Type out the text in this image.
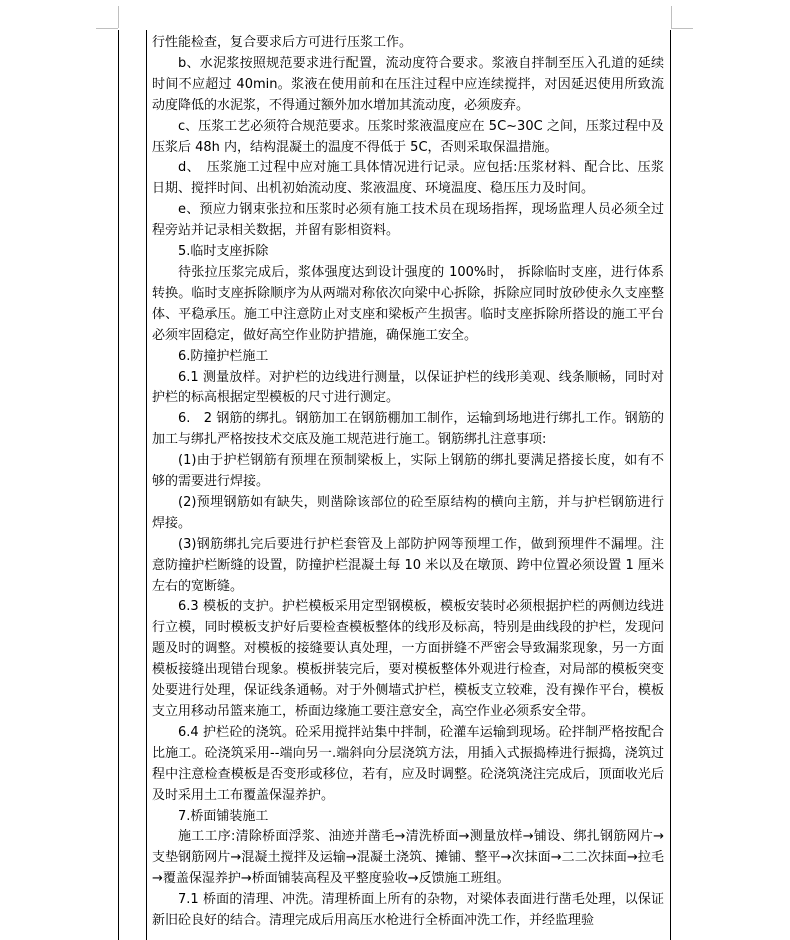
行性能检查，复合要求后方可进行压浆工作。

b、水泥浆按照规范要求进行配置，流动度符合要求。浆液自拌制至压入孔道的延续时间不应超过 40min。浆液在使用前和在压注过程中应连续搅拌，对因延迟使用所致流动度降低的水泥浆，不得通过额外加水增加其流动度，必须废弃。

c、压浆工艺必须符合规范要求。压浆时浆液温度应在 5C~30C 之间，压浆过程中及压浆后 48h 内，结构混凝土的温度不得低于 5C，否则采取保温措施。

d、　压浆施工过程中应对施工具体情况进行记录。应包括:压浆材料、配合比、压浆日期、搅拌时间、出机初始流动度、浆液温度、环境温度、稳压压力及时间。

e、预应力钢束张拉和压浆时必须有施工技术员在现场指挥，现场监理人员必须全过程旁站并记录相关数据，并留有影相资料。

5.临时支座拆除

待张拉压浆完成后，浆体强度达到设计强度的 100%时， 拆除临时支座，进行体系转换。临时支座拆除顺序为从两端对称依次向梁中心拆除，拆除应同时放砂使永久支座整体、平稳承压。施工中注意防止对支座和梁板产生损害。临时支座拆除所搭设的施工平台必须牢固稳定，做好高空作业防护措施，确保施工安全。

6.防撞护栏施工

6.1 测量放样。对护栏的边线进行测量，以保证护栏的线形美观、线条顺畅，同时对护栏的标高根据定型模板的尺寸进行测定。

6.　2 钢筋的绑扎。钢筋加工在钢筋棚加工制作，运输到场地进行绑扎工作。钢筋的加工与绑扎严格按技术交底及施工规范进行施工。钢筋绑扎注意事项:

(1)由于护栏钢筋有预埋在预制梁板上，实际上钢筋的绑扎要满足搭接长度，如有不够的需要进行焊接。

(2)预埋钢筋如有缺失，则凿除该部位的砼至原结构的横向主筋，并与护栏钢筋进行焊接。

(3)钢筋绑扎完后要进行护栏套管及上部防护网等预埋工作，做到预埋件不漏埋。注意防撞护栏断缝的设置，防撞护栏混凝土每 10 米以及在墩顶、跨中位置必须设置 1 厘米左右的宽断缝。

6.3 模板的支护。护栏模板采用定型钢模板，模板安装时必须根据护栏的两侧边线进行立模，同时模板支护好后要检查模板整体的线形及标高，特别是曲线段的护栏，发现问题及时的调整。对模板的接缝要认真处理，一方面拼缝不严密会导致漏浆现象，另一方面模板接缝出现错台现象。模板拼装完后，要对模板整体外观进行检查，对局部的模板突变处要进行处理，保证线条通畅。对于外侧墙式护栏，模板支立较难，没有操作平台，模板支立用移动吊篮来施工，桥面边缘施工要注意安全，高空作业必须系安全带。

6.4 护栏砼的浇筑。砼采用搅拌站集中拌制，砼灌车运输到现场。砼拌制严格按配合比施工。砼浇筑采用--端向另一.端斜向分层浇筑方法，用插入式振捣棒进行振捣，浇筑过程中注意检查模板是否变形或移位，若有，应及时调整。砼浇筑浇注完成后，顶面收光后及时采用土工布覆盖保湿养护。

7.桥面铺装施工

施工工序:清除桥面浮浆、油迹并凿毛→清洗桥面→测量放样→铺设、绑扎钢筋网片→支垫钢筋网片→混凝土搅拌及运输→混凝土浇筑、摊铺、整平→次抹面→二二次抹面→拉毛→覆盖保湿养护→桥面铺装高程及平整度验收→反馈施工班组。

7.1 桥面的清理、冲洗。清理桥面上所有的杂物，对梁体表面进行凿毛处理，以保证新旧砼良好的结合。清理完成后用高压水枪进行全桥面冲洗工作，并经监理验
